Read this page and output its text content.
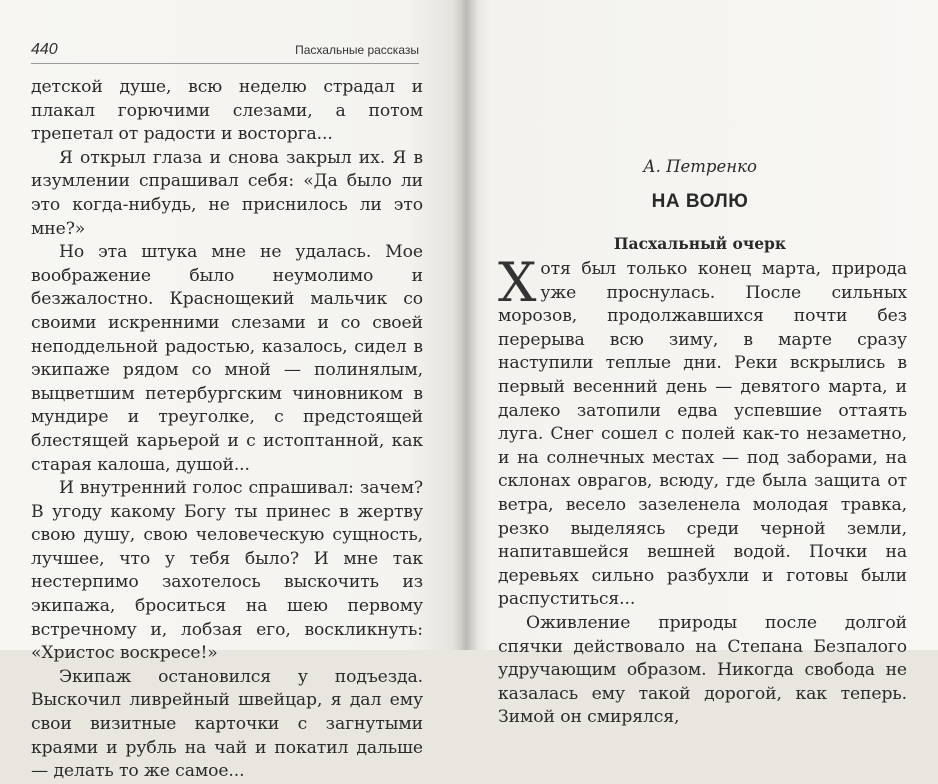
440	Пасхальные рассказы

детской душе, всю неделю страдал и плакал горючими слезами, а потом трепетал от радости и восторга...

Я открыл глаза и снова закрыл их. Я в изумлении спрашивал себя: «Да было ли это когда-нибудь, не приснилось ли это мне?»

Но эта штука мне не удалась. Мое воображение было неумолимо и безжалостно. Краснощекий мальчик со своими искренними слезами и со своей неподдельной радостью, казалось, сидел в экипаже рядом со мной — полинялым, выцветшим петербургским чиновником в мундире и треуголке, с предстоящей блестящей карьерой и с истоптанной, как старая калоша, душой...

И внутренний голос спрашивал: зачем? В угоду какому Богу ты принес в жертву свою душу, свою человеческую сущность, лучшее, что у тебя было? И мне так нестерпимо захотелось выскочить из экипажа, броситься на шею первому встречному и, лобзая его, воскликнуть: «Христос воскресе!»

Экипаж остановился у подъезда. Выскочил ливрейный швейцар, я дал ему свои визитные карточки с загнутыми краями и рубль на чай и покатил дальше — делать то же самое...

А. Петренко

НА ВОЛЮ

Пасхальный очерк

Хотя был только конец марта, природа уже проснулась. После сильных морозов, продолжавшихся почти без перерыва всю зиму, в марте сразу наступили теплые дни. Реки вскрылись в первый весенний день — девятого марта, и далеко затопили едва успевшие оттаять луга. Снег сошел с полей как-то незаметно, и на солнечных местах — под заборами, на склонах оврагов, всюду, где была защита от ветра, весело зазеленела молодая травка, резко выделяясь среди черной земли, напитавшейся вешней водой. Почки на деревьях сильно разбухли и готовы были распуститься...

Оживление природы после долгой спячки действовало на Степана Безпалого удручающим образом. Никогда свобода не казалась ему такой дорогой, как теперь. Зимой он смирялся,
